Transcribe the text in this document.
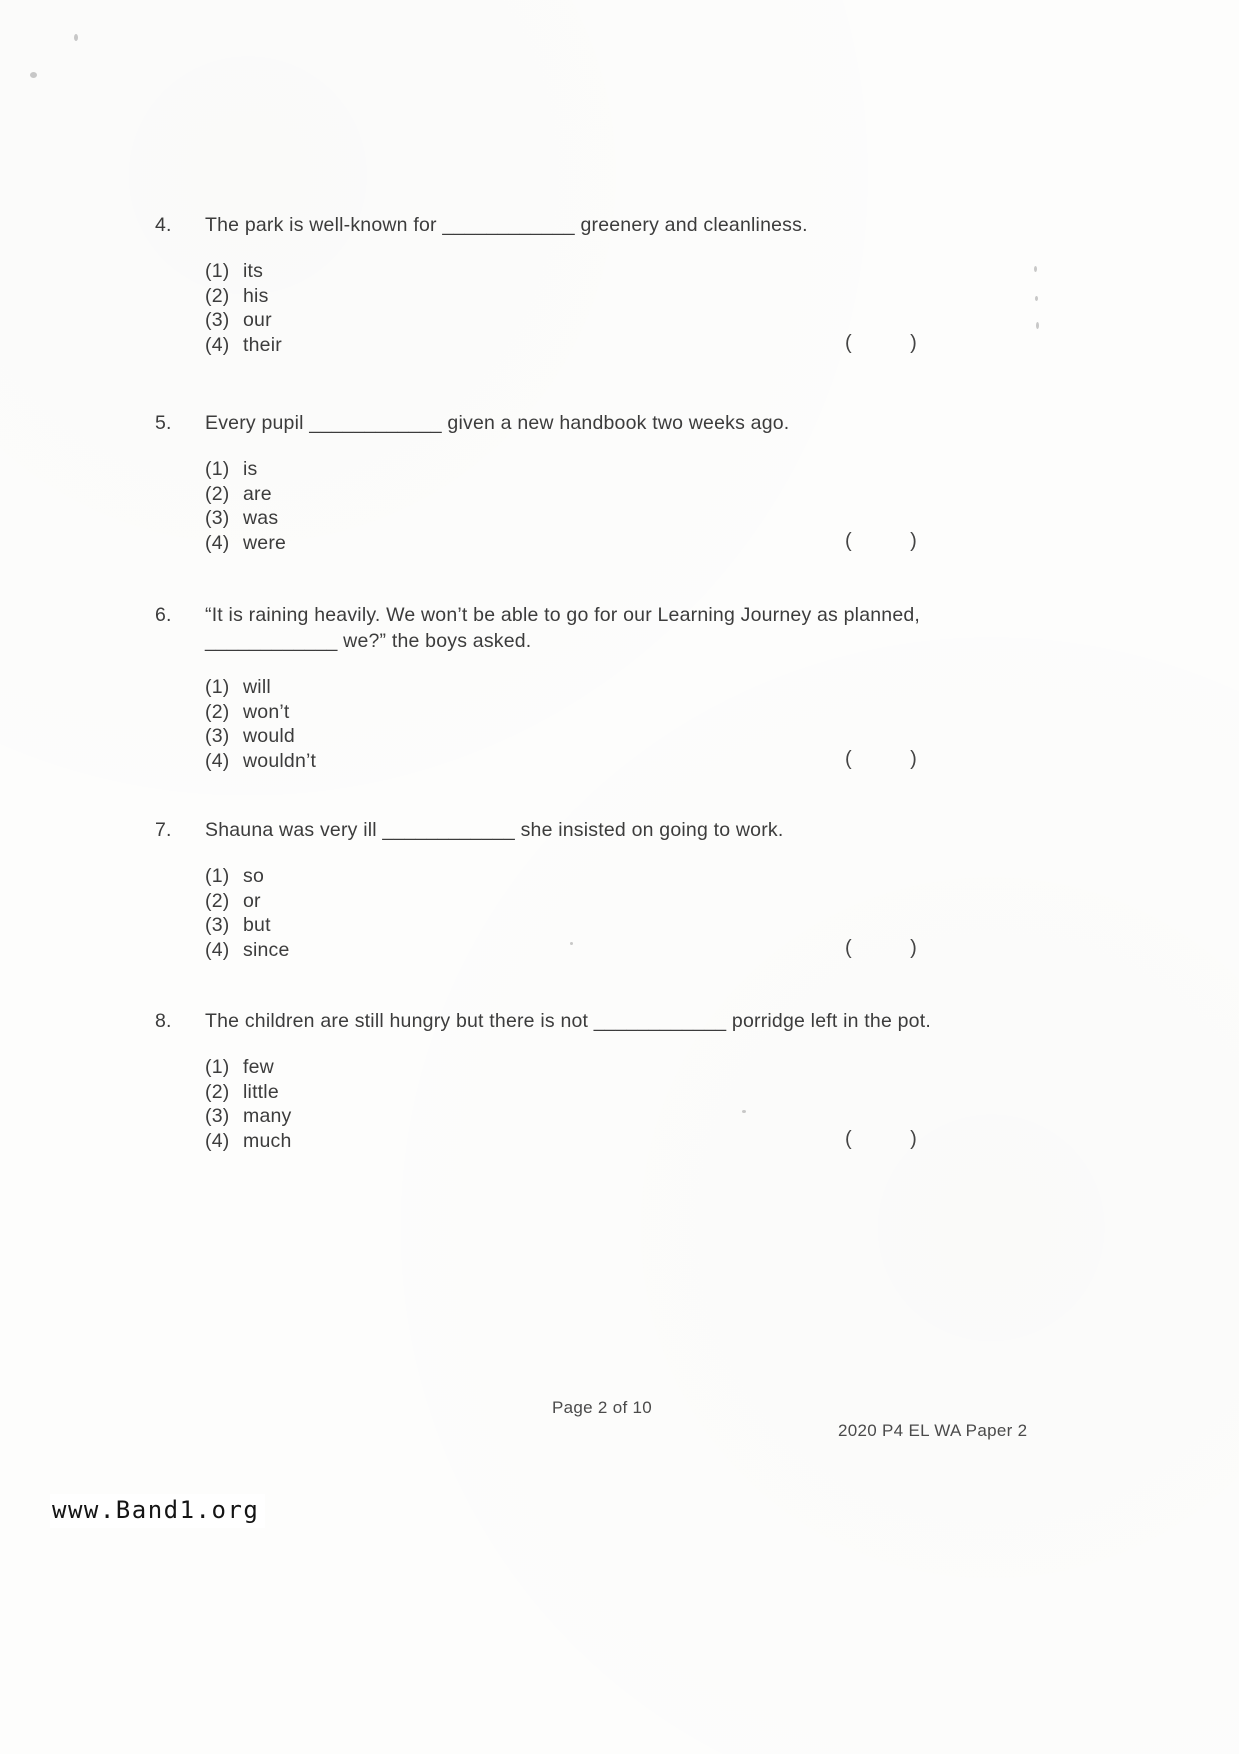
4.	The park is well-known for ____________ greenery and cleanliness.
(1) its
(2) his
(3) our
(4) their	(	)
5.	Every pupil ____________ given a new handbook two weeks ago.
(1) is
(2) are
(3) was
(4) were	(	)
6.	“It is raining heavily. We won’t be able to go for our Learning Journey as planned,
____________ we?” the boys asked.
(1) will
(2) won’t
(3) would
(4) wouldn’t	(	)
7.	Shauna was very ill ____________ she insisted on going to work.
(1) so
(2) or
(3) but
(4) since	(	)
8.	The children are still hungry but there is not ____________ porridge left in the pot.
(1) few
(2) little
(3) many
(4) much	(	)
Page 2 of 10
2020 P4 EL WA Paper 2
www.Band1.org
